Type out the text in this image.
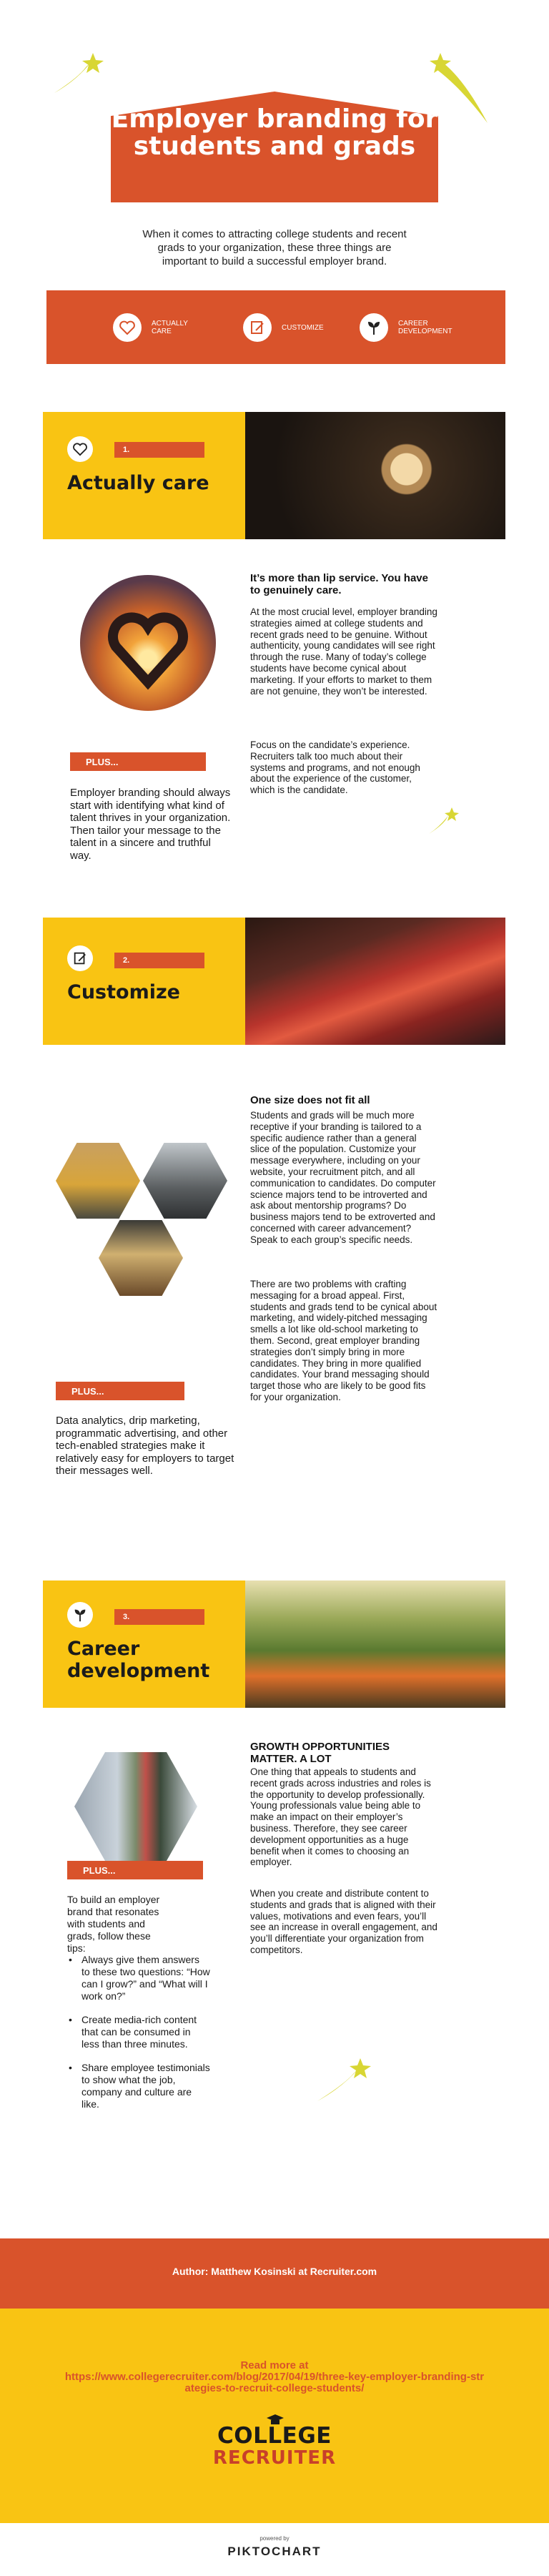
Employer branding for students and grads
When it comes to attracting college students and recent grads to your organization, these three things are important to build a successful employer brand.
ACTUALLY CARE	CUSTOMIZE	CAREER DEVELOPMENT
1.
Actually care
It’s more than lip service. You have to genuinely care.
At the most crucial level, employer branding strategies aimed at college students and recent grads need to be genuine. Without authenticity, young candidates will see right through the ruse. Many of today’s college students have become cynical about marketing. If your efforts to market to them are not genuine, they won’t be interested.
Focus on the candidate’s experience. Recruiters talk too much about their systems and programs, and not enough about the experience of the customer, which is the candidate.
PLUS...
Employer branding should always start with identifying what kind of talent thrives in your organization. Then tailor your message to the talent in a sincere and truthful way.
2.
Customize
One size does not fit all
Students and grads will be much more receptive if your branding is tailored to a specific audience rather than a general slice of the population. Customize your message everywhere, including on your website, your recruitment pitch, and all communication to candidates. Do computer science majors tend to be introverted and ask about mentorship programs? Do business majors tend to be extroverted and concerned with career advancement? Speak to each group’s specific needs.
There are two problems with crafting messaging for a broad appeal. First, students and grads tend to be cynical about marketing, and widely-pitched messaging smells a lot like old-school marketing to them. Second, great employer branding strategies don’t simply bring in more candidates. They bring in more qualified candidates. Your brand messaging should target those who are likely to be good fits for your organization.
PLUS...
Data analytics, drip marketing, programmatic advertising, and other tech-enabled strategies make it relatively easy for employers to target their messages well.
3.
Career development
GROWTH OPPORTUNITIES MATTER. A LOT
One thing that appeals to students and recent grads across industries and roles is the opportunity to develop professionally. Young professionals value being able to make an impact on their employer’s business. Therefore, they see career development opportunities as a huge benefit when it comes to choosing an employer.
When you create and distribute content to students and grads that is aligned with their values, motivations and even fears, you’ll see an increase in overall engagement, and you’ll differentiate your organization from competitors.
PLUS...
To build an employer brand that resonates with students and grads, follow these tips:
• Always give them answers to these two questions: “How can I grow?” and “What will I work on?”
• Create media-rich content that can be consumed in less than three minutes.
• Share employee testimonials to show what the job, company and culture are like.
Author: Matthew Kosinski at Recruiter.com
Read more at
https://www.collegerecruiter.com/blog/2017/04/19/three-key-employer-branding-strategies-to-recruit-college-students/
COLLEGE
RECRUITER
powered by
PIKTOCHART
